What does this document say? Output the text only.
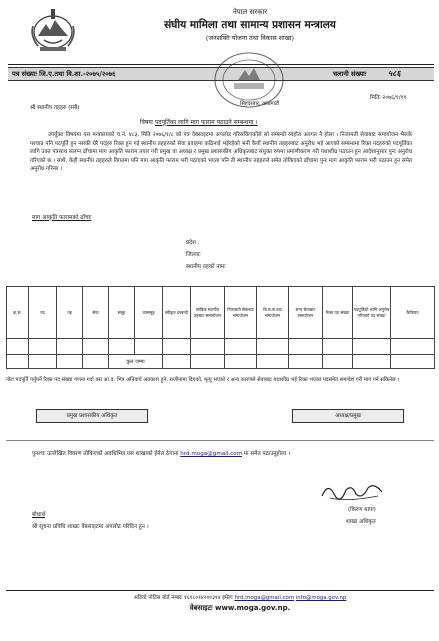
नेपाल सरकार
संघीय मामिला तथा सामान्य प्रशासन मन्त्रालय
(जनशक्ति योजना तथा विकास शाखा)
पत्र संख्याः जि.ए.तथा वि.शा.-२०७५/२०७६	चलानी संख्याः	५८६
सिंहदरबार, काठमाडौं
मितिः २०७६/१/११
श्री स्थानीय तहहरु (सबै)
विषयः पदपूर्तिका लागि माग फाराम पठाउने सम्बन्धमा ।
उपर्युक्त विषयमा यस मन्त्रालयको च.नं. ४८३, मिति २०७६/१/८ को पत्र वेबसाइटमा अपलोड गरिसकिएकोले सो सम्बन्धी व्यहोरा अवगत नै होला । निजामती सेवाबाट समायोजन भैसके पश्चात पनि पदपूर्ति हुन नसकी धेरै पदहरु रिक्त हुन गई स्थानीय तहहरुको सेवा प्रवाहमा कठिनाई भईरहेको भनी कैयौं स्थानीय तहहरुबाट अनुरोध भई आएको सम्बन्धमा रिक्त पदहरुको पदपूर्तिका लागि उक्त पत्रसाथ संलग्न ढाँचामा माग आकृति फाराम तयार गरी प्रमुख वा अध्यक्ष र प्रमुख प्रशासकीय अधिकृतबाट संयुक्त रुपमा प्रमाणीकरण गरी यथाशीघ्र पठाउन हुन आदेशानुसार पुनः अनुरोध गरिएको छ । साथै, केही स्थानीय तहहरुले विगतमा पनि माग आकृति फाराम भरी पठाएको भएता पनि ती स्थानीय तहहरुले समेत तोकिएको ढाँचामा पुनः माग आकृति फाराम भरी पठाउन हुन समेत अनुरोध गरिन्छ ।
माग आकृति फारामको ढाँचाः
प्रदेश :
जिल्लाः
स्थानीय तहको नामः
क्र.सं.	पद	तह	सेवा	समूह	उपसमूह	स्वीकृत दरबन्दी	साबिक स्थानीय तहबाट समायोजन	निजामती सेवाबाट समायोजन	बि.स.स.बाट समायोजन	सन्य सेवाबाट समायोजन	रिक्त पद संख्या	पदपूर्तिको लागि अनुरोध गरिएको पद संख्या	कैफियत

				कुल जम्मा									
नोटः पदपूर्ति गर्नुपर्ने रिक्त पद संख्या गणना गर्दा यस आ.व. भित्र अनिवार्य अवकाश हुने, राजीनामा दिएको, मृत्यु भएको र अन्य कारणले सेवाबाट यथाशीघ्र भई रिक्त भएका पदसमेत समावेश गरी माग गर्न सकिनेछ ।
प्रमुख प्रशासकीय अधिकृत	अध्यक्ष/प्रमुख
पुनश्चः उल्लेखित विवरण तोकिएको अवधिभित्र यस शाखाको ईमेल ठेगाना hrd.moga@gmail.com मा समेत पठाउनुहोला ।
(किरण थापा)
शाखा अधिकृत
बोधार्थ
श्री सूचना प्रविधि शाखाः वेबसाइटमा अपलोड गरिदिन हुन ।
अडियो नोटिस बोर्ड नम्बरः १६१८०१४२००३१४ इमेलः hrd.moga@gmail.com info@moga.gov.np
वेबसाइटः www.moga.gov.np.
